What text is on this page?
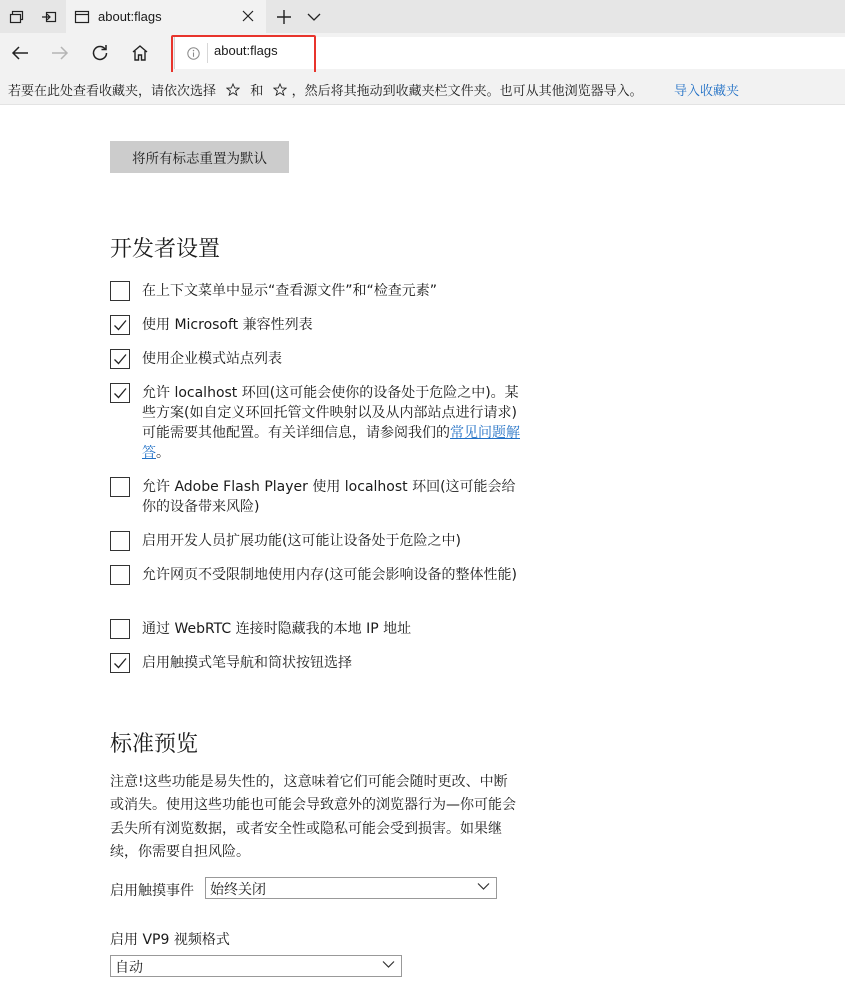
about:flags
about:flags
若要在此处查看收藏夹，请依次选择	和 ，然后将其拖动到收藏夹栏文件夹。也可从其他浏览器导入。 导入收藏夹
将所有标志重置为默认
开发者设置
在上下文菜单中显示“查看源文件”和“检查元素”
使用 Microsoft 兼容性列表
使用企业模式站点列表
允许 localhost 环回(这可能会使你的设备处于危险之中)。某些方案(如自定义环回托管文件映射以及从内部站点进行请求)可能需要其他配置。有关详细信息，请参阅我们的常见问题解答。
允许 Adobe Flash Player 使用 localhost 环回(这可能会给你的设备带来风险)
启用开发人员扩展功能(这可能让设备处于危险之中)
允许网页不受限制地使用内存(这可能会影响设备的整体性能)
通过 WebRTC 连接时隐藏我的本地 IP 地址
启用触摸式笔导航和筒状按钮选择
标准预览
注意!这些功能是易失性的，这意味着它们可能会随时更改、中断或消失。使用这些功能也可能会导致意外的浏览器行为—你可能会丢失所有浏览数据，或者安全性或隐私可能会受到损害。如果继续，你需要自担风险。
启用触摸事件 始终关闭
启用 VP9 视频格式
自动
